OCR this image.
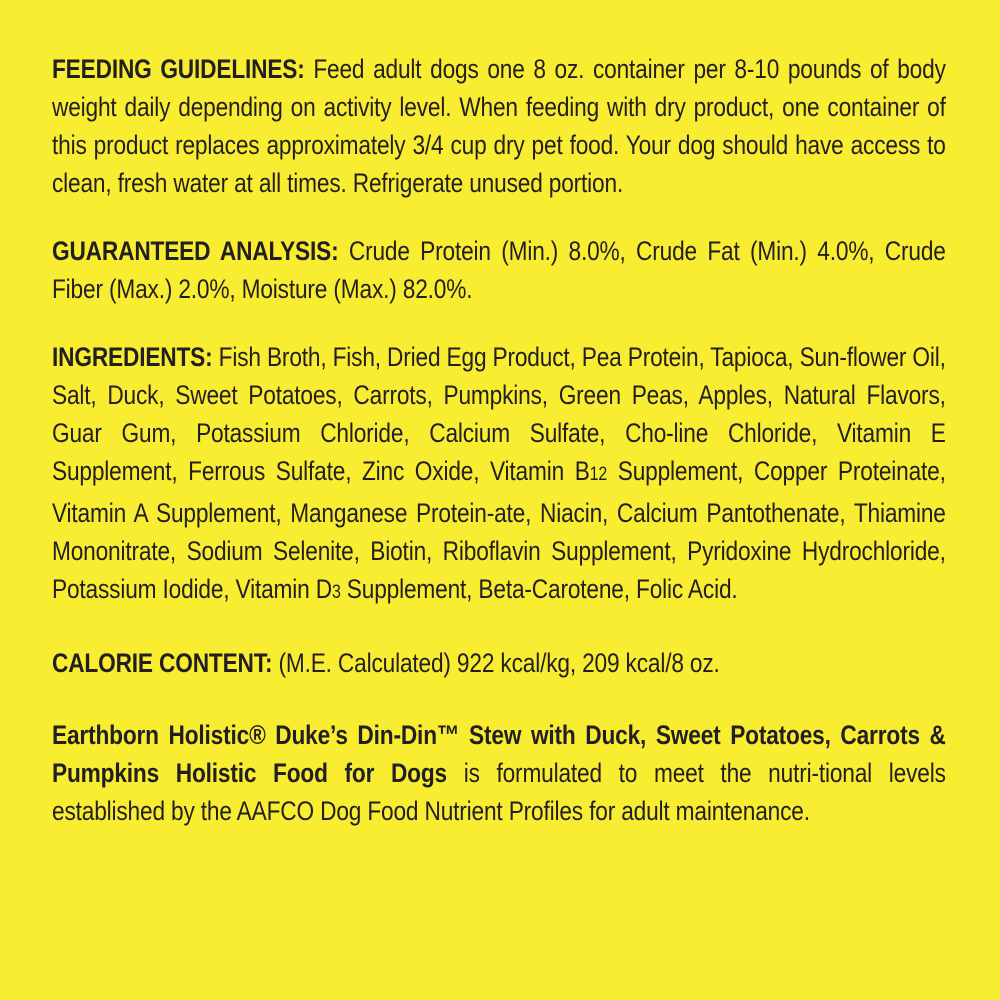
FEEDING GUIDELINES: Feed adult dogs one 8 oz. container per 8-10 pounds of body weight daily depending on activity level. When feeding with dry product, one container of this product replaces approximately 3/4 cup dry pet food. Your dog should have access to clean, fresh water at all times. Refrigerate unused portion.

GUARANTEED ANALYSIS: Crude Protein (Min.) 8.0%, Crude Fat (Min.) 4.0%, Crude Fiber (Max.) 2.0%, Moisture (Max.) 82.0%.

INGREDIENTS: Fish Broth, Fish, Dried Egg Product, Pea Protein, Tapioca, Sun-flower Oil, Salt, Duck, Sweet Potatoes, Carrots, Pumpkins, Green Peas, Apples, Natural Flavors, Guar Gum, Potassium Chloride, Calcium Sulfate, Cho-line Chloride, Vitamin E Supplement, Ferrous Sulfate, Zinc Oxide, Vitamin B12 Supplement, Copper Proteinate, Vitamin A Supplement, Manganese Protein-ate, Niacin, Calcium Pantothenate, Thiamine Mononitrate, Sodium Selenite, Biotin, Riboflavin Supplement, Pyridoxine Hydrochloride, Potassium Iodide, Vitamin D3 Supplement, Beta-Carotene, Folic Acid.

CALORIE CONTENT: (M.E. Calculated) 922 kcal/kg, 209 kcal/8 oz.

Earthborn Holistic® Duke’s Din-Din™ Stew with Duck, Sweet Potatoes, Carrots & Pumpkins Holistic Food for Dogs is formulated to meet the nutri-tional levels established by the AAFCO Dog Food Nutrient Profiles for adult maintenance.
